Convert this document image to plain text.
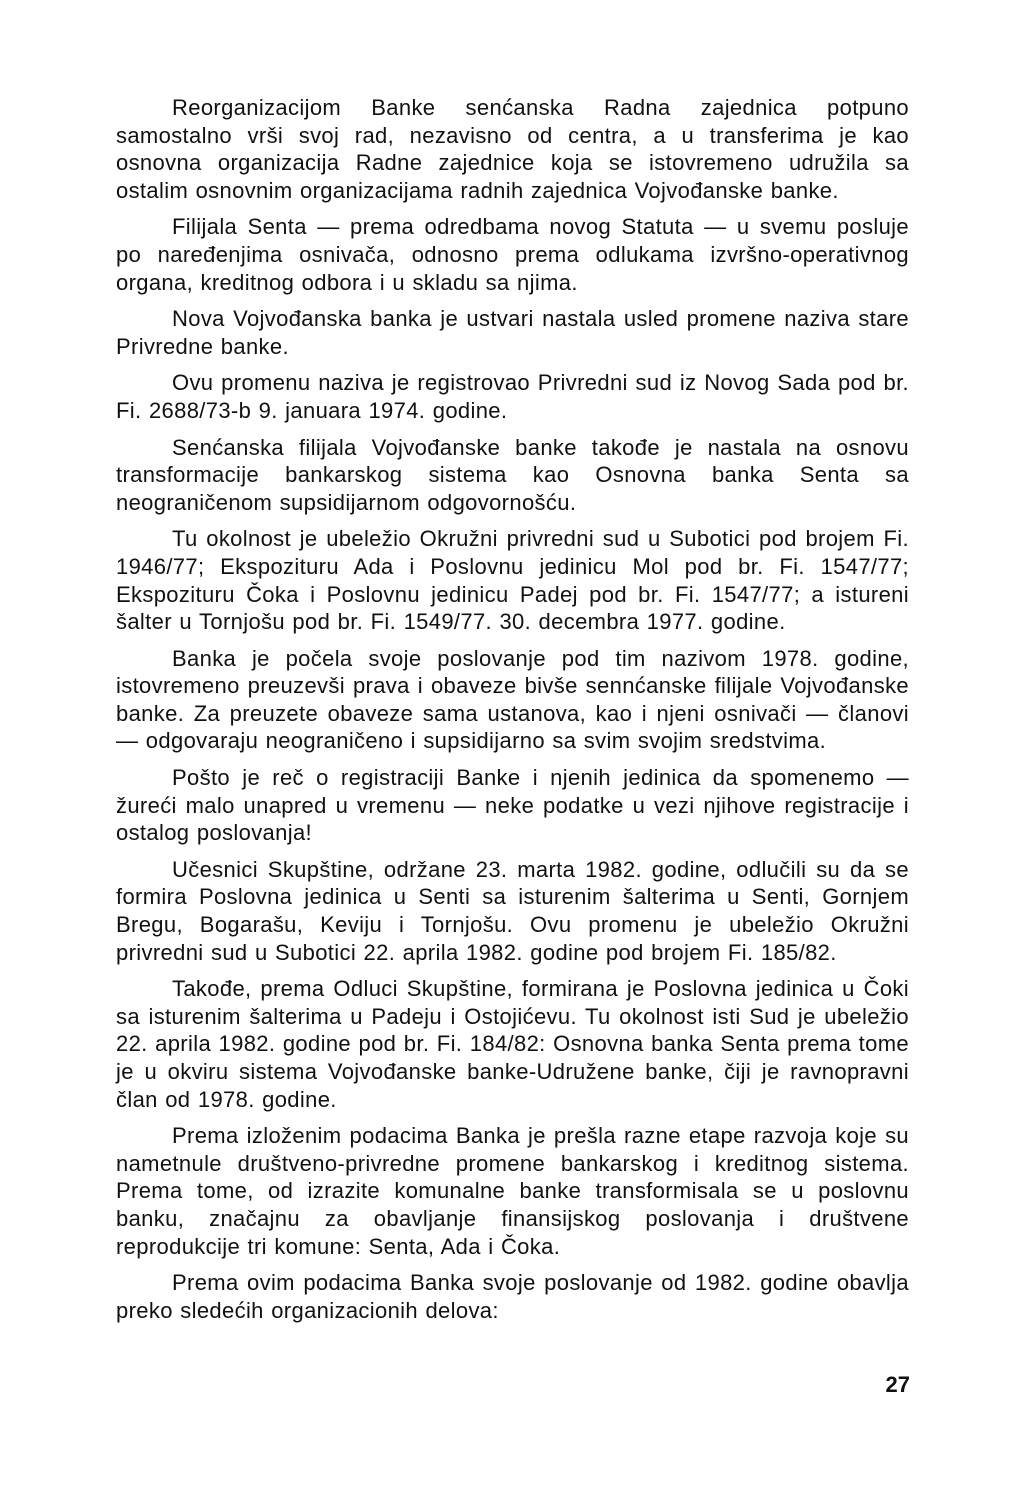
Reorganizacijom Banke senćanska Radna zajednica potpuno samostalno vrši svoj rad, nezavisno od centra, a u transferima je kao osnovna organizacija Radne zajednice koja se istovremeno udružila sa ostalim osnovnim organizacijama radnih zajednica Vojvođanske banke.

Filijala Senta — prema odredbama novog Statuta — u svemu posluje po naređenjima osnivača, odnosno prema odlukama izvršno-operativnog organa, kreditnog odbora i u skladu sa njima.

Nova Vojvođanska banka je ustvari nastala usled promene naziva stare Privredne banke.

Ovu promenu naziva je registrovao Privredni sud iz Novog Sada pod br. Fi. 2688/73-b 9. januara 1974. godine.

Senćanska filijala Vojvođanske banke takođe je nastala na osnovu transformacije bankarskog sistema kao Osnovna banka Senta sa neograničenom supsidijarnom odgovornošću.

Tu okolnost je ubeležio Okružni privredni sud u Subotici pod brojem Fi. 1946/77; Ekspozituru Ada i Poslovnu jedinicu Mol pod br. Fi. 1547/77; Ekspozituru Čoka i Poslovnu jedinicu Padej pod br. Fi. 1547/77; a istureni šalter u Tornjošu pod br. Fi. 1549/77. 30. decembra 1977. godine.

Banka je počela svoje poslovanje pod tim nazivom 1978. godine, istovremeno preuzevši prava i obaveze bivše sennćanske filijale Vojvođanske banke. Za preuzete obaveze sama ustanova, kao i njeni osnivači — članovi — odgovaraju neograničeno i supsidijarno sa svim svojim sredstvima.

Pošto je reč o registraciji Banke i njenih jedinica da spomenemo — žureći malo unapred u vremenu — neke podatke u vezi njihove registracije i ostalog poslovanja!

Učesnici Skupštine, održane 23. marta 1982. godine, odlučili su da se formira Poslovna jedinica u Senti sa isturenim šalterima u Senti, Gornjem Bregu, Bogarašu, Keviju i Tornjošu. Ovu promenu je ubeležio Okružni privredni sud u Subotici 22. aprila 1982. godine pod brojem Fi. 185/82.

Takođe, prema Odluci Skupštine, formirana je Poslovna jedinica u Čoki sa isturenim šalterima u Padeju i Ostojićevu. Tu okolnost isti Sud je ubeležio 22. aprila 1982. godine pod br. Fi. 184/82: Osnovna banka Senta prema tome je u okviru sistema Vojvođanske banke-Udružene banke, čiji je ravnopravni član od 1978. godine.

Prema izloženim podacima Banka je prešla razne etape razvoja koje su nametnule društveno-privredne promene bankarskog i kreditnog sistema. Prema tome, od izrazite komunalne banke transformisala se u poslovnu banku, značajnu za obavljanje finansijskog poslovanja i društvene reprodukcije tri komune: Senta, Ada i Čoka.

Prema ovim podacima Banka svoje poslovanje od 1982. godine obavlja preko sledećih organizacionih delova:

27
